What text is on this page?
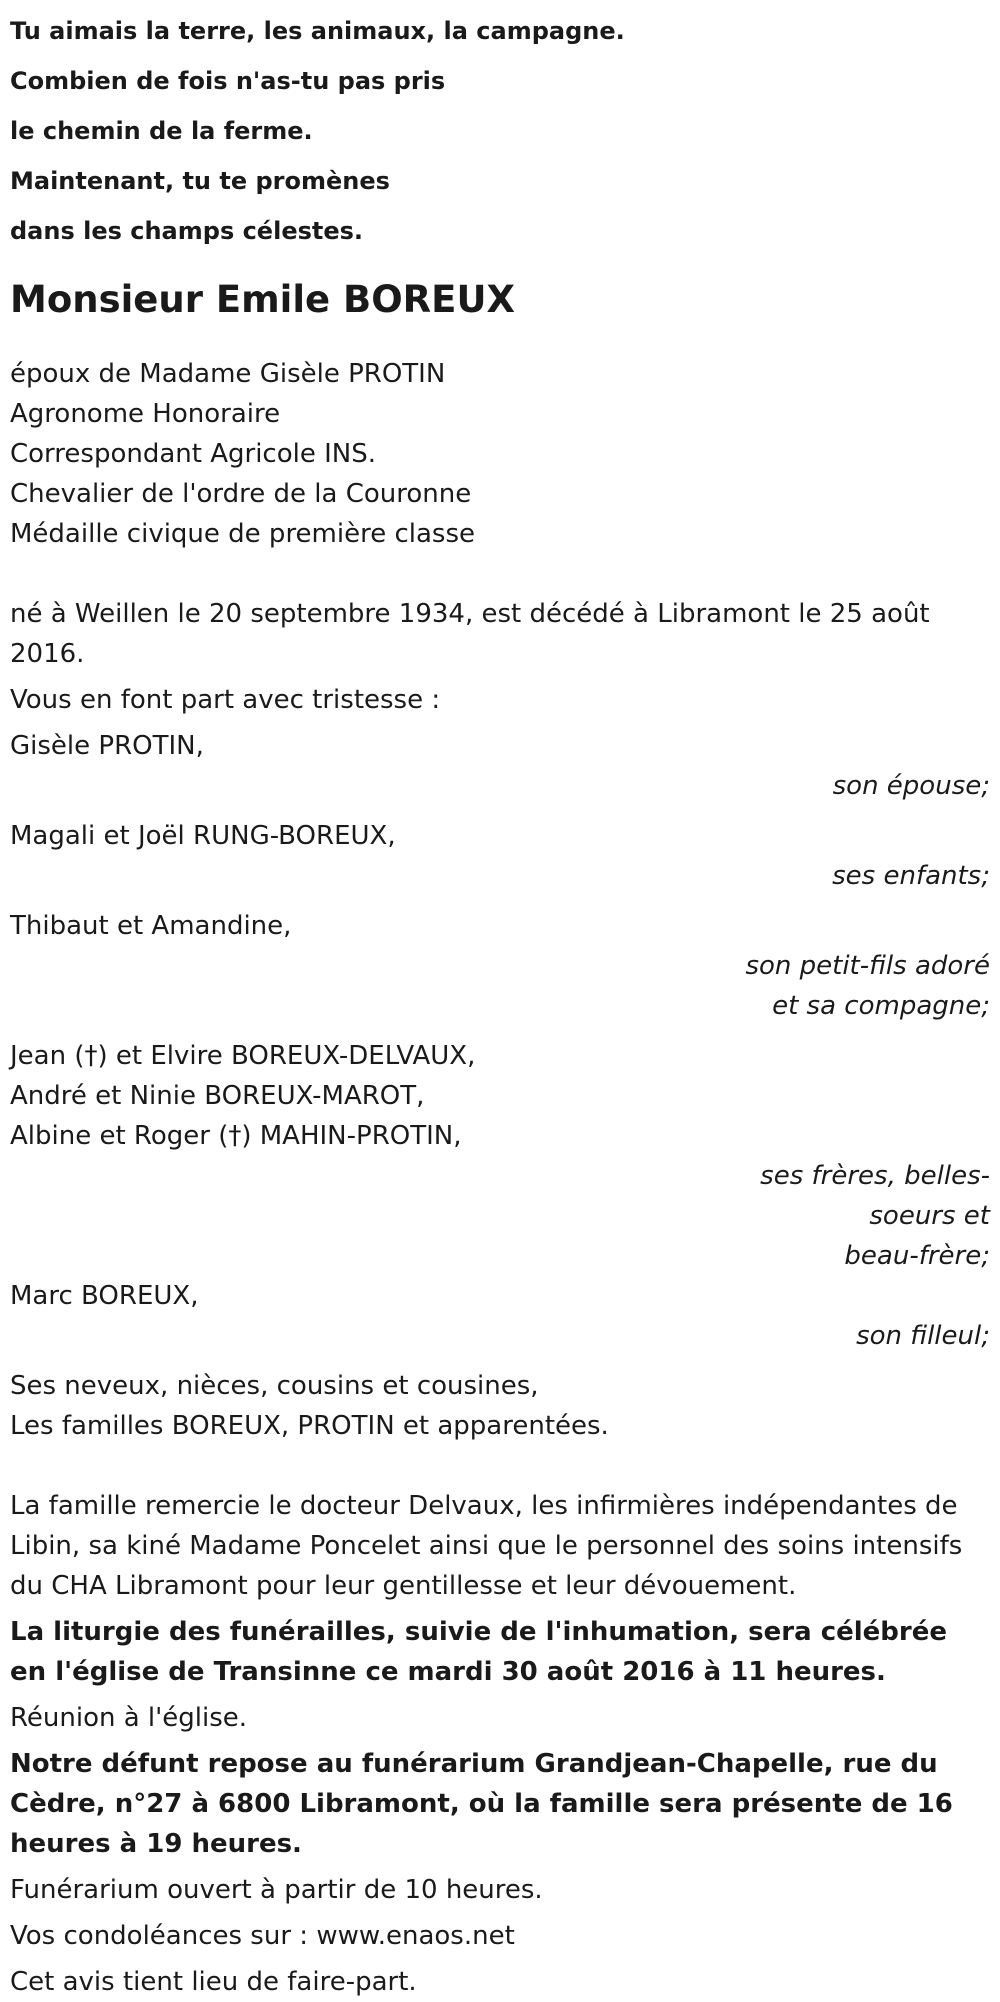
Tu aimais la terre, les animaux, la campagne.

Combien de fois n'as-tu pas pris

le chemin de la ferme.

Maintenant, tu te promènes

dans les champs célestes.

Monsieur Emile BOREUX

époux de Madame Gisèle PROTIN

Agronome Honoraire

Correspondant Agricole INS.

Chevalier de l'ordre de la Couronne

Médaille civique de première classe

né à Weillen le 20 septembre 1934, est décédé à Libramont le 25 août 2016.

Vous en font part avec tristesse :

Gisèle PROTIN,
son épouse;
Magali et Joël RUNG-BOREUX,
ses enfants;
Thibaut et Amandine,
son petit-fils adoré
et sa compagne;
Jean (†) et Elvire BOREUX-DELVAUX,
André et Ninie BOREUX-MAROT,
Albine et Roger (†) MAHIN-PROTIN,
ses frères, belles-
soeurs et
beau-frère;
Marc BOREUX,
son filleul;

Ses neveux, nièces, cousins et cousines,

Les familles BOREUX, PROTIN et apparentées.

La famille remercie le docteur Delvaux, les infirmières indépendantes de Libin, sa kiné Madame Poncelet ainsi que le personnel des soins intensifs du CHA Libramont pour leur gentillesse et leur dévouement.

La liturgie des funérailles, suivie de l'inhumation, sera célébrée en l'église de Transinne ce mardi 30 août 2016 à 11 heures.

Réunion à l'église.

Notre défunt repose au funérarium Grandjean-Chapelle, rue du Cèdre, n°27 à 6800 Libramont, où la famille sera présente de 16 heures à 19 heures.

Funérarium ouvert à partir de 10 heures.

Vos condoléances sur : www.enaos.net

Cet avis tient lieu de faire-part.
